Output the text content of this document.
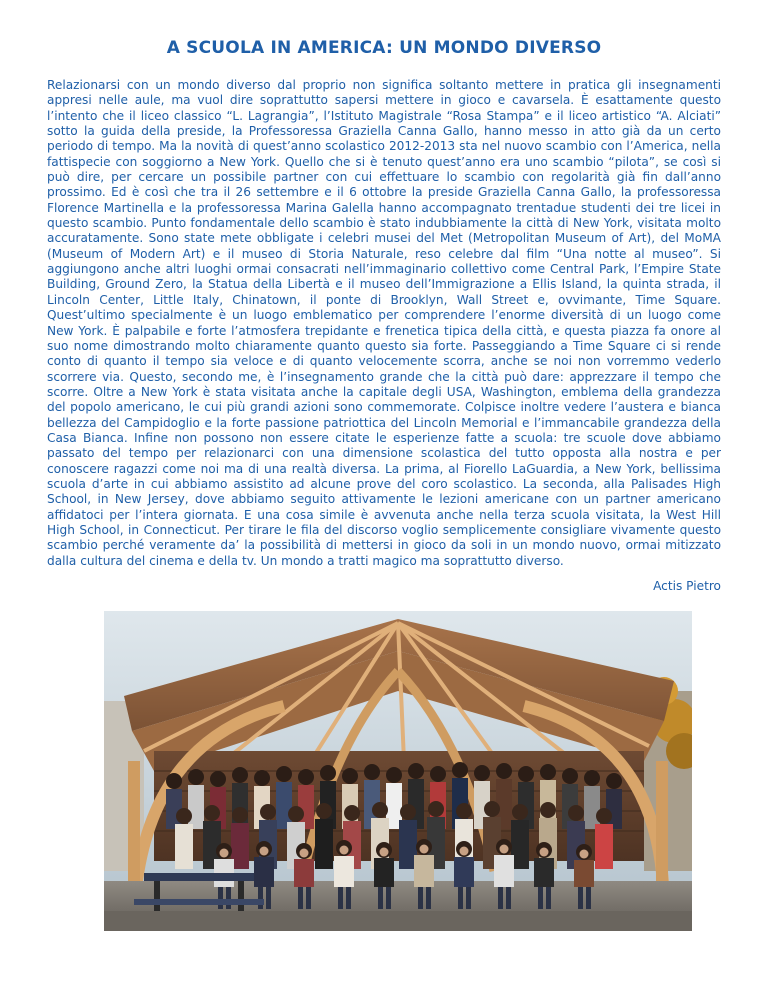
A SCUOLA IN AMERICA: UN MONDO DIVERSO

Relazionarsi con un mondo diverso dal proprio non significa soltanto mettere in pratica gli insegnamenti appresi nelle aule, ma vuol dire soprattutto sapersi mettere in gioco e cavarsela. È esattamente questo l’intento che il liceo classico “L. Lagrangia”, l’Istituto Magistrale “Rosa Stampa” e il liceo artistico “A. Alciati” sotto la guida della preside, la Professoressa Graziella Canna Gallo, hanno messo in atto già da un certo periodo di tempo. Ma la novità di quest’anno scolastico 2012-2013 sta nel nuovo scambio con l’America, nella fattispecie con soggiorno a New York. Quello che si è tenuto quest’anno era uno scambio “pilota”, se così si può dire, per cercare un possibile partner con cui effettuare lo scambio con regolarità già fin dall’anno prossimo. Ed è così che tra il 26 settembre e il 6 ottobre la preside Graziella Canna Gallo, la professoressa Florence Martinella e la professoressa Marina Galella hanno accompagnato trentadue studenti dei tre licei in questo scambio. Punto fondamentale dello scambio è stato indubbiamente la città di New York, visitata molto accuratamente. Sono state mete obbligate i celebri musei del Met (Metropolitan Museum of Art), del MoMA (Museum of Modern Art) e il museo di Storia Naturale, reso celebre dal film “Una notte al museo”. Si aggiungono anche altri luoghi ormai consacrati nell’immaginario collettivo come Central Park, l’Empire State Building, Ground Zero, la Statua della Libertà e il museo dell’Immigrazione a Ellis Island, la quinta strada, il Lincoln Center, Little Italy, Chinatown, il ponte di Brooklyn, Wall Street e, ovvimante, Time Square. Quest’ultimo specialmente è un luogo emblematico per comprendere l’enorme diversità di un luogo come New York. È palpabile e forte l’atmosfera trepidante e frenetica tipica della città, e questa piazza fa onore al suo nome dimostrando molto chiaramente quanto questo sia forte. Passeggiando a Time Square ci si rende conto di quanto il tempo sia veloce e di quanto velocemente scorra, anche se noi non vorremmo vederlo scorrere via. Questo, secondo me, è l’insegnamento grande che la città può dare: apprezzare il tempo che scorre. Oltre a New York è stata visitata anche la capitale degli USA, Washington, emblema della grandezza del popolo americano, le cui più grandi azioni sono commemorate. Colpisce inoltre vedere l’austera e bianca bellezza del Campidoglio e la forte passione patriottica del Lincoln Memorial e l’immancabile grandezza della Casa Bianca. Infine non possono non essere citate le esperienze fatte a scuola: tre scuole dove abbiamo passato del tempo per relazionarci con una dimensione scolastica del tutto opposta alla nostra e per conoscere ragazzi come noi ma di una realtà diversa. La prima, al Fiorello LaGuardia, a New York, bellissima scuola d’arte in cui abbiamo assistito ad alcune prove del coro scolastico. La seconda, alla Palisades High School, in New Jersey, dove abbiamo seguito attivamente le lezioni americane con un partner americano affidatoci per l’intera giornata. E una cosa simile è avvenuta anche nella terza scuola visitata, la West Hill High School, in Connecticut. Per tirare le fila del discorso voglio semplicemente consigliare vivamente questo scambio perché veramente da’ la possibilità di mettersi in gioco da soli in un mondo nuovo, ormai mitizzato dalla cultura del cinema e della tv. Un mondo a tratti magico ma soprattutto diverso.

Actis Pietro
